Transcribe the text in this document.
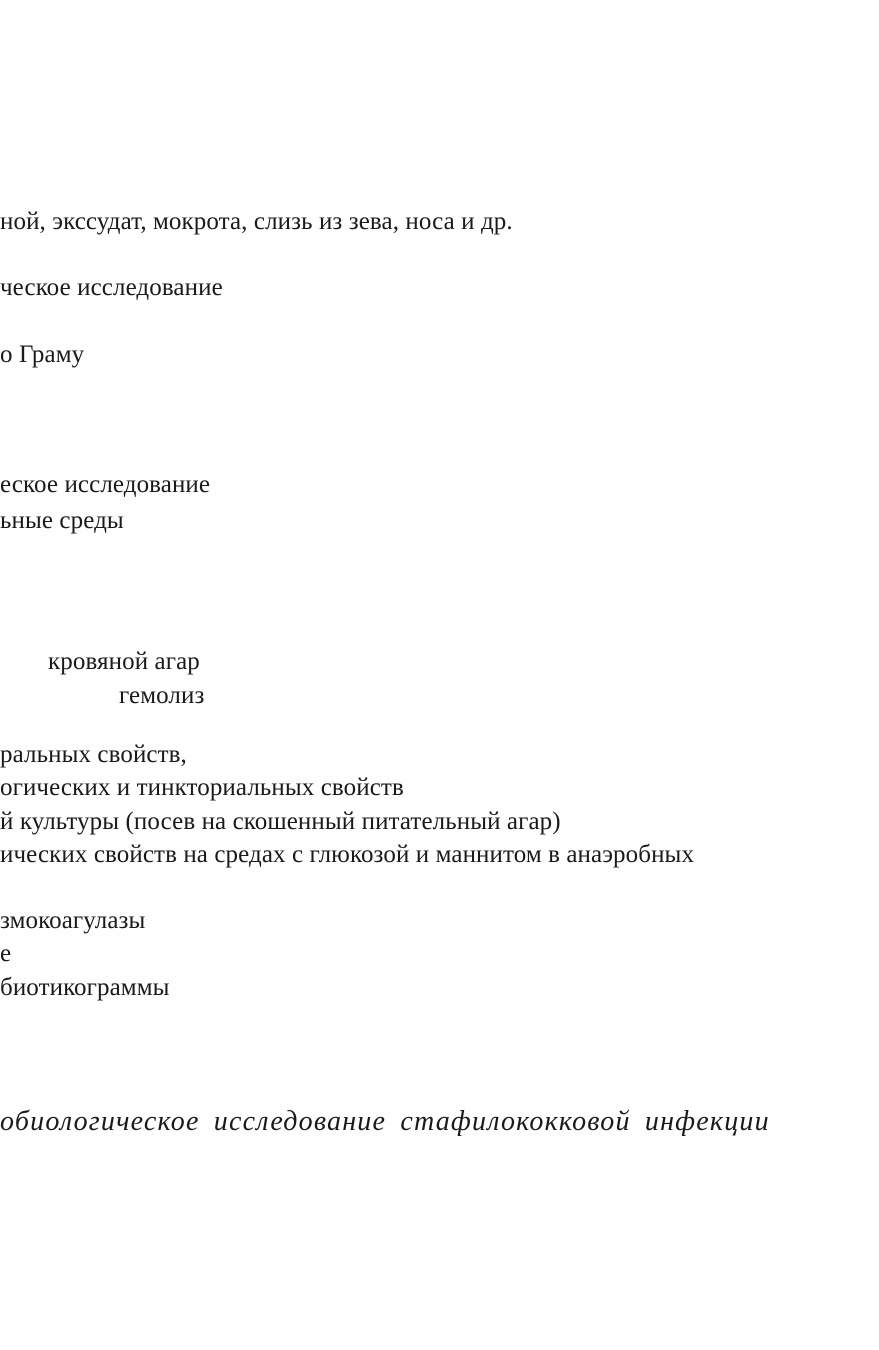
ной, экссудат, мокрота, слизь из зева, носа и др.
ческое исследование
о Граму
еское исследование
ьные среды
кровяной агар
гемолиз
ральных свойств,
огических и тинкториальных свойств
й культуры (посев на скошенный питательный агар)
ических свойств на средах с глюкозой и маннитом в анаэробных
змокоагулазы
е
биотикограммы
обиологическое исследование стафилококковой инфекции
